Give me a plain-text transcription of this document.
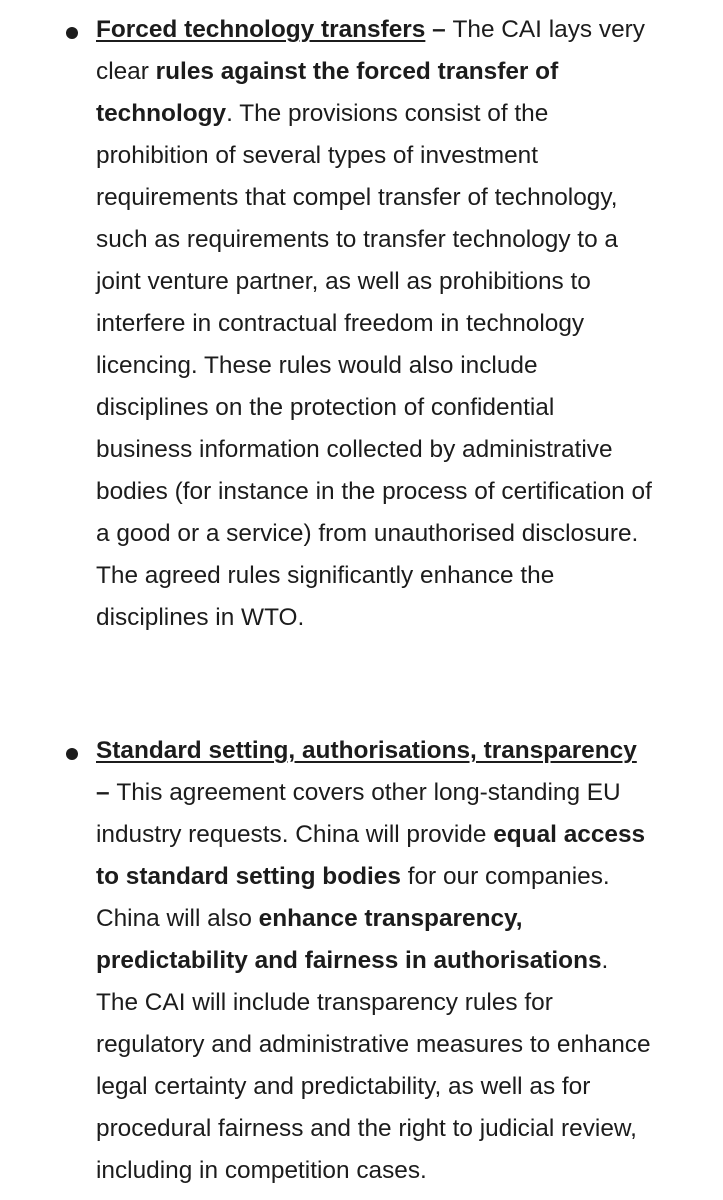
Forced technology transfers – The CAI lays very
clear rules against the forced transfer of
technology. The provisions consist of the
prohibition of several types of investment
requirements that compel transfer of technology,
such as requirements to transfer technology to a
joint venture partner, as well as prohibitions to
interfere in contractual freedom in technology
licencing. These rules would also include
disciplines on the protection of confidential
business information collected by administrative
bodies (for instance in the process of certification of
a good or a service) from unauthorised disclosure.
The agreed rules significantly enhance the
disciplines in WTO.
Standard setting, authorisations, transparency
– This agreement covers other long-standing EU
industry requests. China will provide equal access
to standard setting bodies for our companies.
China will also enhance transparency,
predictability and fairness in authorisations.
The CAI will include transparency rules for
regulatory and administrative measures to enhance
legal certainty and predictability, as well as for
procedural fairness and the right to judicial review,
including in competition cases.
